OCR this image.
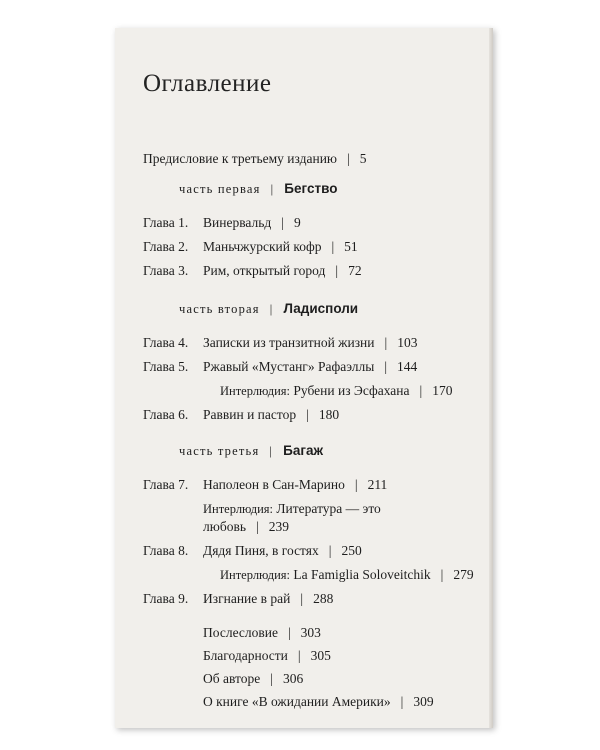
Оглавление
Предисловие к третьему изданию | 5
часть первая | Бегство
Глава 1. Винервальд | 9
Глава 2. Маньчжурский кофр | 51
Глава 3. Рим, открытый город | 72
часть вторая | Ладисполи
Глава 4. Записки из транзитной жизни | 103
Глава 5. Ржавый «Мустанг» Рафаэллы | 144
Интерлюдия: Рубени из Эсфахана | 170
Глава 6. Раввин и пастор | 180
часть третья | Багаж
Глава 7. Наполеон в Сан-Марино | 211
Интерлюдия: Литература — это
любовь | 239
Глава 8. Дядя Пиня, в гостях | 250
Интерлюдия: La Famiglia Soloveitchik | 279
Глава 9. Изгнание в рай | 288
Послесловие | 303
Благодарности | 305
Об авторе | 306
О книге «В ожидании Америки» | 309
